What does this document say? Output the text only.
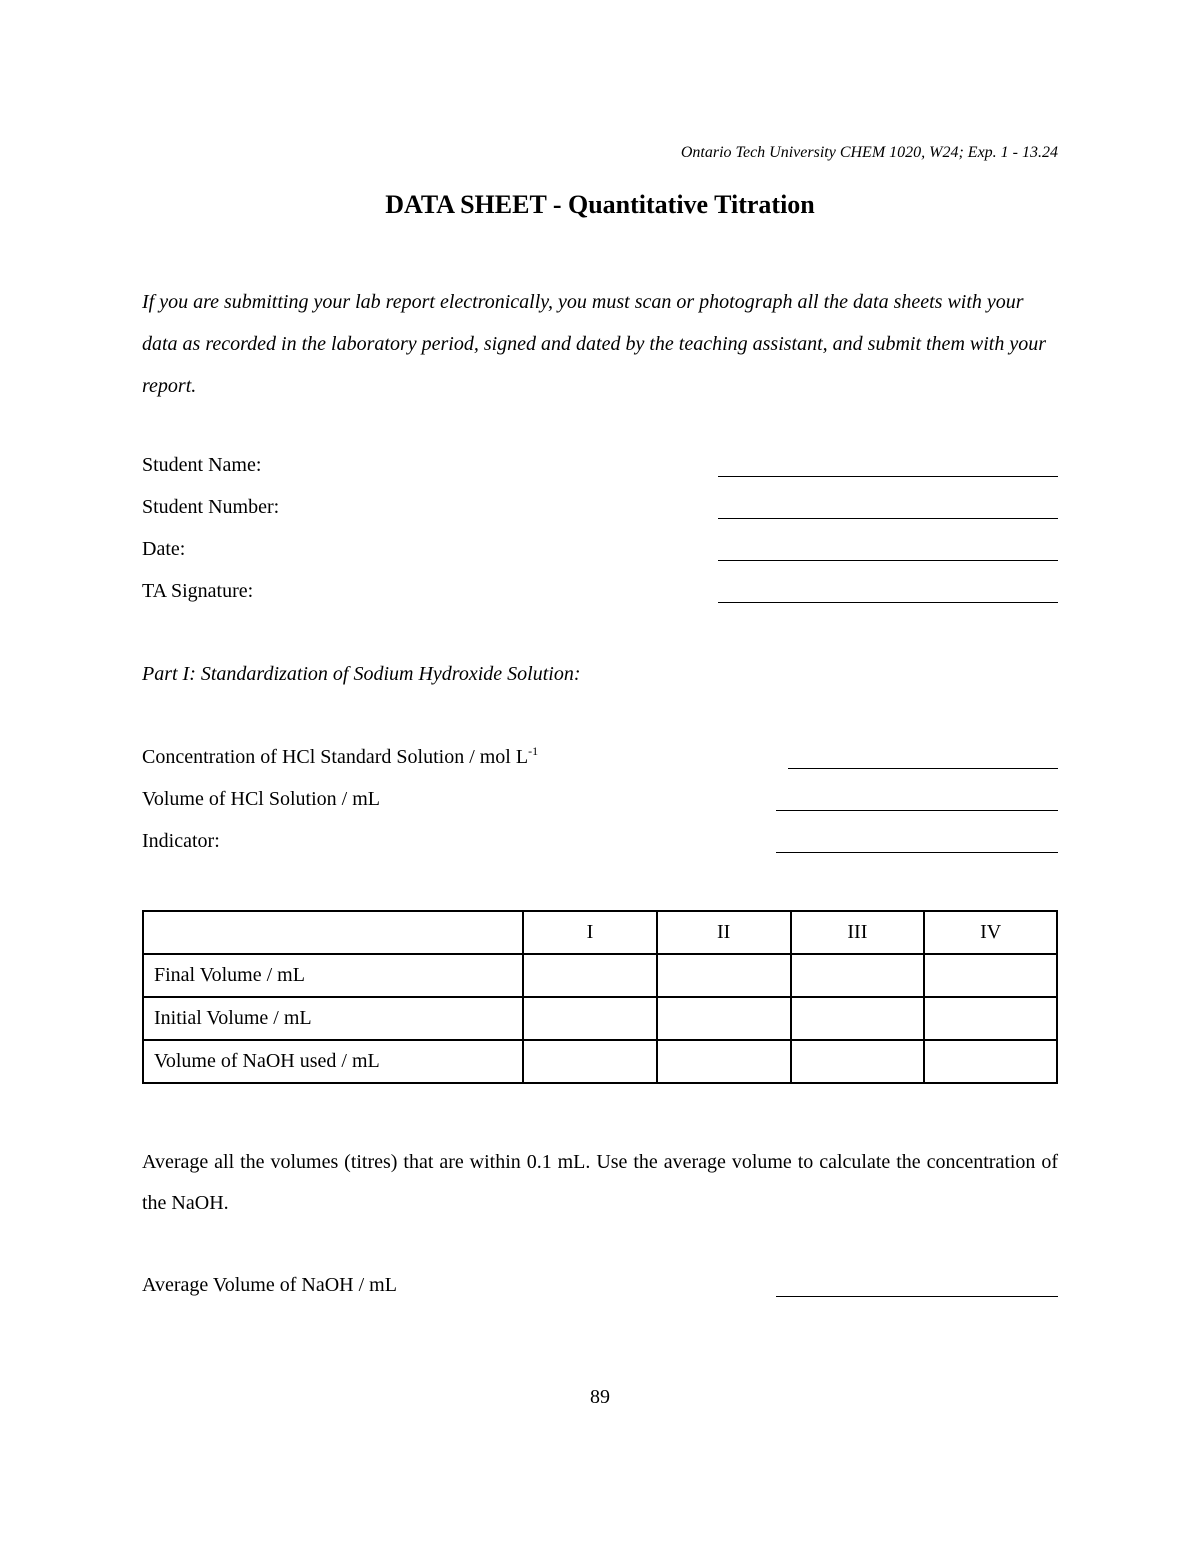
Ontario Tech University CHEM 1020, W24; Exp. 1 - 13.24
DATA SHEET - Quantitative Titration
If you are submitting your lab report electronically, you must scan or photograph all the data sheets with your data as recorded in the laboratory period, signed and dated by the teaching assistant, and submit them with your report.
Student Name:
Student Number:
Date:
TA Signature:
Part I: Standardization of Sodium Hydroxide Solution:
Concentration of HCl Standard Solution / mol $L^{-1}$
Volume of HCl Solution / mL
Indicator:
	I	II	III	IV
Final Volume / mL				
Initial Volume / mL				
Volume of NaOH used / mL				
Average all the volumes (titres) that are within 0.1 mL. Use the average volume to calculate the concentration of the NaOH.
Average Volume of NaOH / mL
89
